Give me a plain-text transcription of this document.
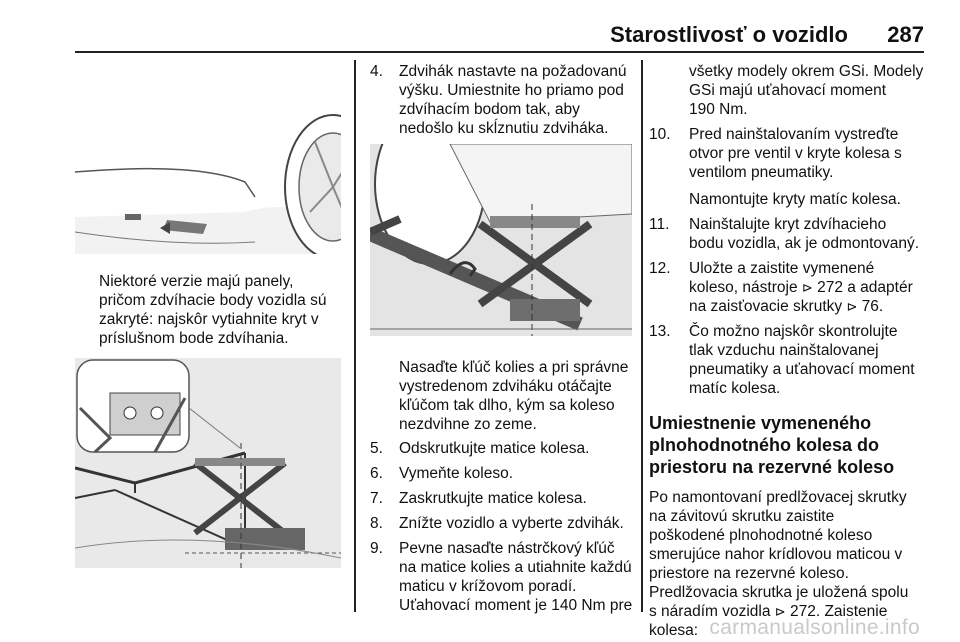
Starostlivosť o vozidlo 287
Niektoré verzie majú panely,
pričom zdvíhacie body vozidla sú
zakryté: najskôr vytiahnite kryt v
príslušnom bode zdvíhania.
4. Zdvihák nastavte na požadovanú
výšku. Umiestnite ho priamo pod
zdvíhacím bodom tak, aby
nedošlo ku skĺznutiu zdviháka.
Nasaďte kľúč kolies a pri správne
vystredenom zdviháku otáčajte
kľúčom tak dlho, kým sa koleso
nezdvihne zo zeme.
5. Odskrutkujte matice kolesa.
6. Vymeňte koleso.
7. Zaskrutkujte matice kolesa.
8. Znížte vozidlo a vyberte zdvihák.
9. Pevne nasaďte nástrčkový kľúč
na matice kolies a utiahnite každú
maticu v krížovom poradí.
Uťahovací moment je 140 Nm pre
všetky modely okrem GSi. Modely
GSi majú uťahovací moment
190 Nm.
10. Pred nainštalovaním vystreďte
otvor pre ventil v kryte kolesa s
ventilom pneumatiky.
Namontujte kryty matíc kolesa.
11. Nainštalujte kryt zdvíhacieho
bodu vozidla, ak je odmontovaný.
12. Uložte a zaistite vymenené
koleso, nástroje ⊳ 272 a adaptér
na zaisťovacie skrutky ⊳ 76.
13. Čo možno najskôr skontrolujte
tlak vzduchu nainštalovanej
pneumatiky a uťahovací moment
matíc kolesa.
Umiestnenie vymeneného
plnohodnotného kolesa do
priestoru na rezervné koleso
Po namontovaní predlžovacej skrutky
na závitovú skrutku zaistite
poškodené plnohodnotné koleso
smerujúce nahor krídlovou maticou v
priestore na rezervné koleso.
Predlžovacia skrutka je uložená spolu
s náradím vozidla ⊳ 272. Zaistenie
kolesa: carmanualsonline.info
